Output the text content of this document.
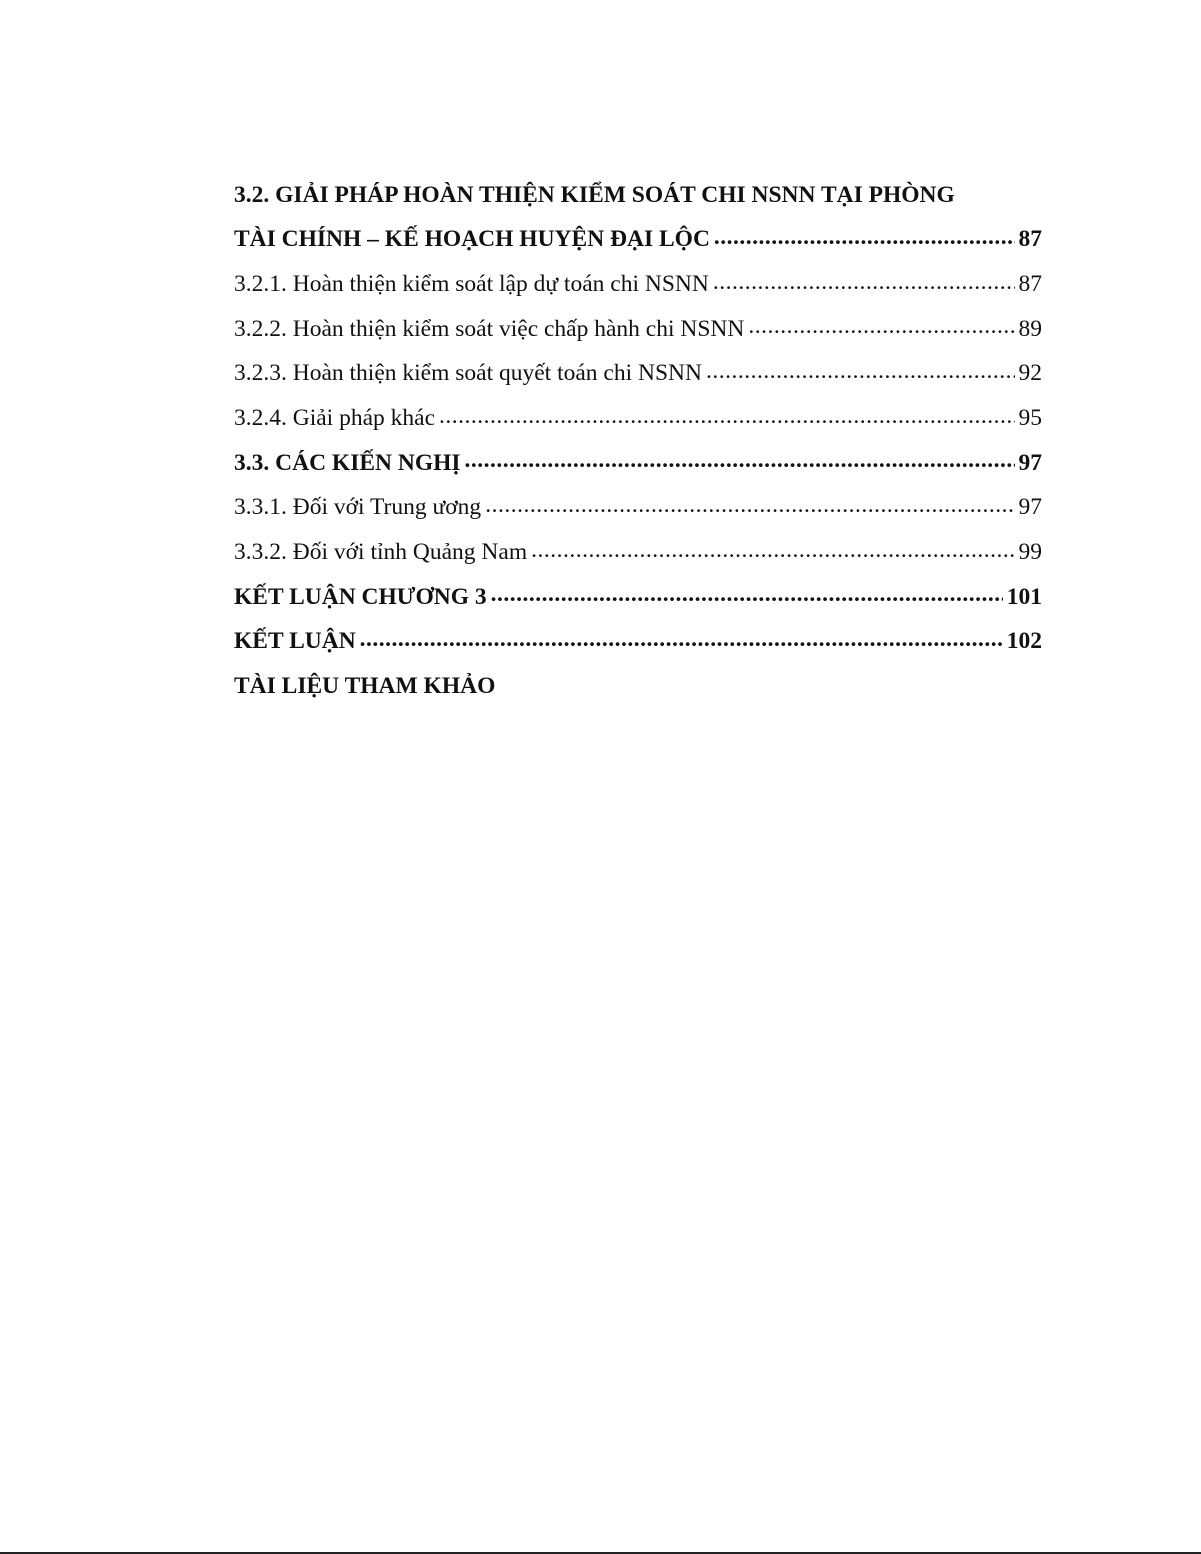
3.2. GIẢI PHÁP HOÀN THIỆN KIỂM SOÁT CHI NSNN TẠI PHÒNG
TÀI CHÍNH – KẾ HOẠCH HUYỆN ĐẠI LỘC .....	87
3.2.1. Hoàn thiện kiểm soát lập dự toán chi NSNN .....	87
3.2.2. Hoàn thiện kiểm soát việc chấp hành chi NSNN .....	89
3.2.3. Hoàn thiện kiểm soát quyết toán chi NSNN .....	92
3.2.4. Giải pháp khác .....	95
3.3. CÁC KIẾN NGHỊ .....	97
3.3.1. Đối với Trung ương .....	97
3.3.2. Đối với tỉnh Quảng Nam .....	99
KẾT LUẬN CHƯƠNG 3 .....	101
KẾT LUẬN .....	102
TÀI LIỆU THAM KHẢO
